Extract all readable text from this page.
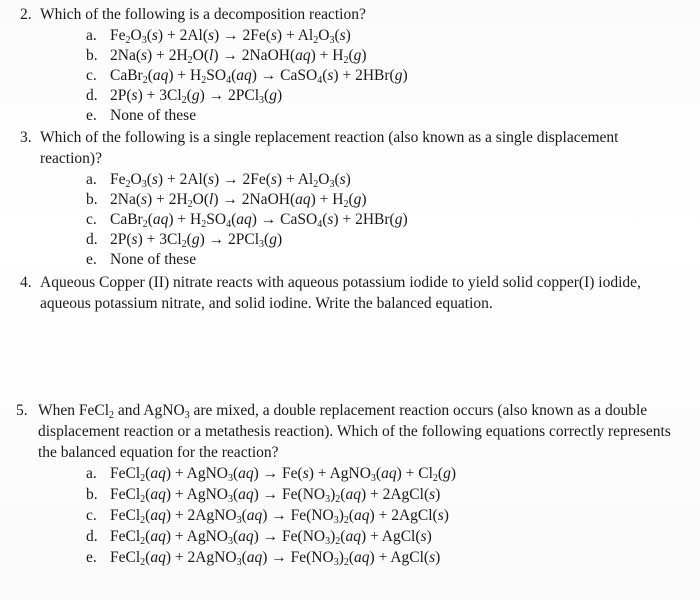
2. Which of the following is a decomposition reaction?
a. $Fe_2O_3(s) + 2Al(s) \to 2Fe(s) + Al_2O_3(s)$
b. $2Na(s) + 2H_2O(l)$ → 2NaOH(aq) + $H_2(g)$
c. CaBr$_2$(aq) + $H_2SO_4(aq)$ → CaSO$_4$(s) + 2HBr(g)
d. $2P(s) + 3Cl_2(g) \to 2PCl_3(g)$
e. None of these
3. Which of the following is a single replacement reaction (also known as a single displacement reaction)?
a. $Fe_2O_3(s) + 2Al(s) \to 2Fe(s) + Al_2O_3(s)$
b. $2Na(s) + 2H_2O(l)$ → 2NaOH(aq) + $H_2(g)$
c. CaBr$_2$(aq) + $H_2SO_4(aq)$ → CaSO$_4$(s) + 2HBr(g)
d. $2P(s) + 3Cl_2(g) \to 2PCl_3(g)$
e. None of these
4. Aqueous Copper (II) nitrate reacts with aqueous potassium iodide to yield solid copper(I) iodide, aqueous potassium nitrate, and solid iodine. Write the balanced equation.
5. When FeCl$_2$ and AgNO$_3$ are mixed, a double replacement reaction occurs (also known as a double displacement reaction or a metathesis reaction). Which of the following equations correctly represents the balanced equation for the reaction?
a. FeCl$_2$(aq) + AgNO$_3$(aq) → Fe(s) + AgNO$_3$(aq) + $Cl_2(g)$
b. FeCl$_2$(aq) + AgNO$_3$(aq) → $Fe(NO_3)_2(aq)$ + 2AgCl(s)
c. FeCl$_2$(aq) + 2AgNO$_3$(aq) → $Fe(NO_3)_2(aq)$ + 2AgCl(s)
d. FeCl$_2$(aq) + AgNO$_3$(aq) → $Fe(NO_3)_2(aq)$ + AgCl(s)
e. FeCl$_2$(aq) + 2AgNO$_3$(aq) → $Fe(NO_3)_2(aq)$ + AgCl(s)
